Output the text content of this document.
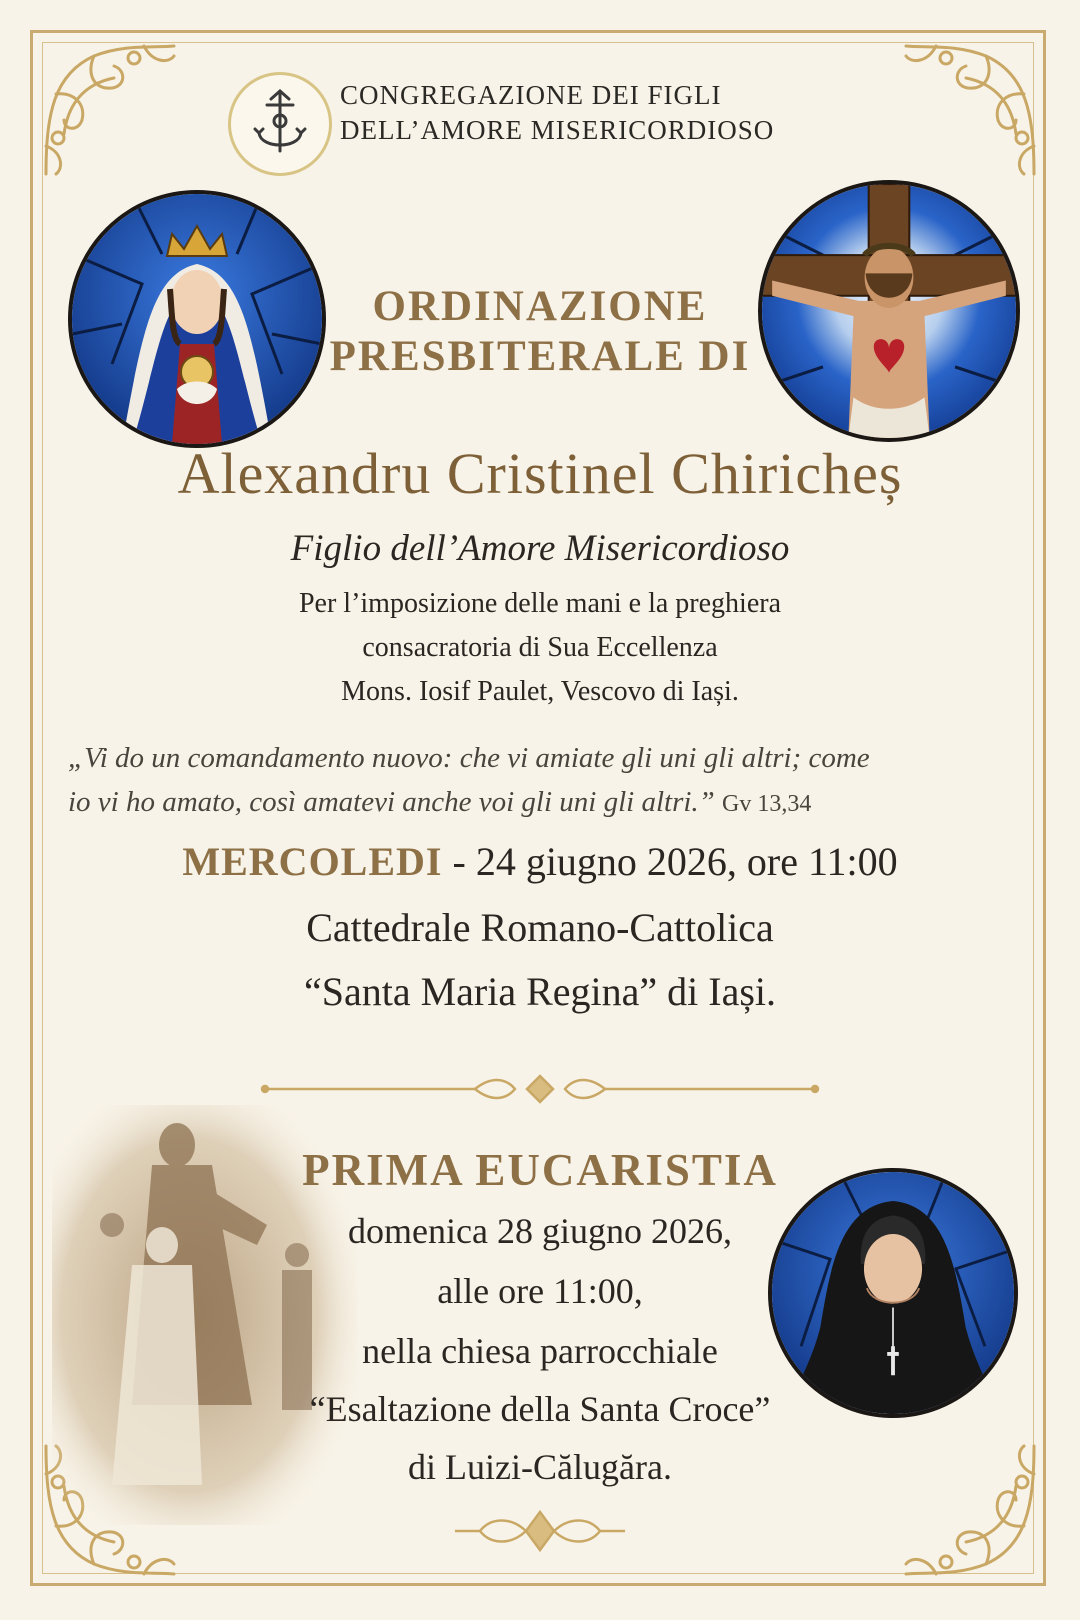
CONGREGAZIONE DEI FIGLI
DELL’AMORE MISERICORDIOSO
ORDINAZIONE
PRESBITERALE DI
Alexandru Cristinel Chiricheș
Figlio dell’Amore Misericordioso
Per l’imposizione delle mani e la preghiera
consacratoria di Sua Eccellenza
Mons. Iosif Paulet, Vescovo di Iași.
„Vi do un comandamento nuovo: che vi amiate gli uni gli altri; come
io vi ho amato, così amatevi anche voi gli uni gli altri.” Gv 13,34
MERCOLEDI - 24 giugno 2026, ore 11:00
Cattedrale Romano-Cattolica
“Santa Maria Regina” di Iași.
PRIMA EUCARISTIA
domenica 28 giugno 2026,
alle ore 11:00,
nella chiesa parrocchiale
“Esaltazione della Santa Croce”
di Luizi-Călugăra.
